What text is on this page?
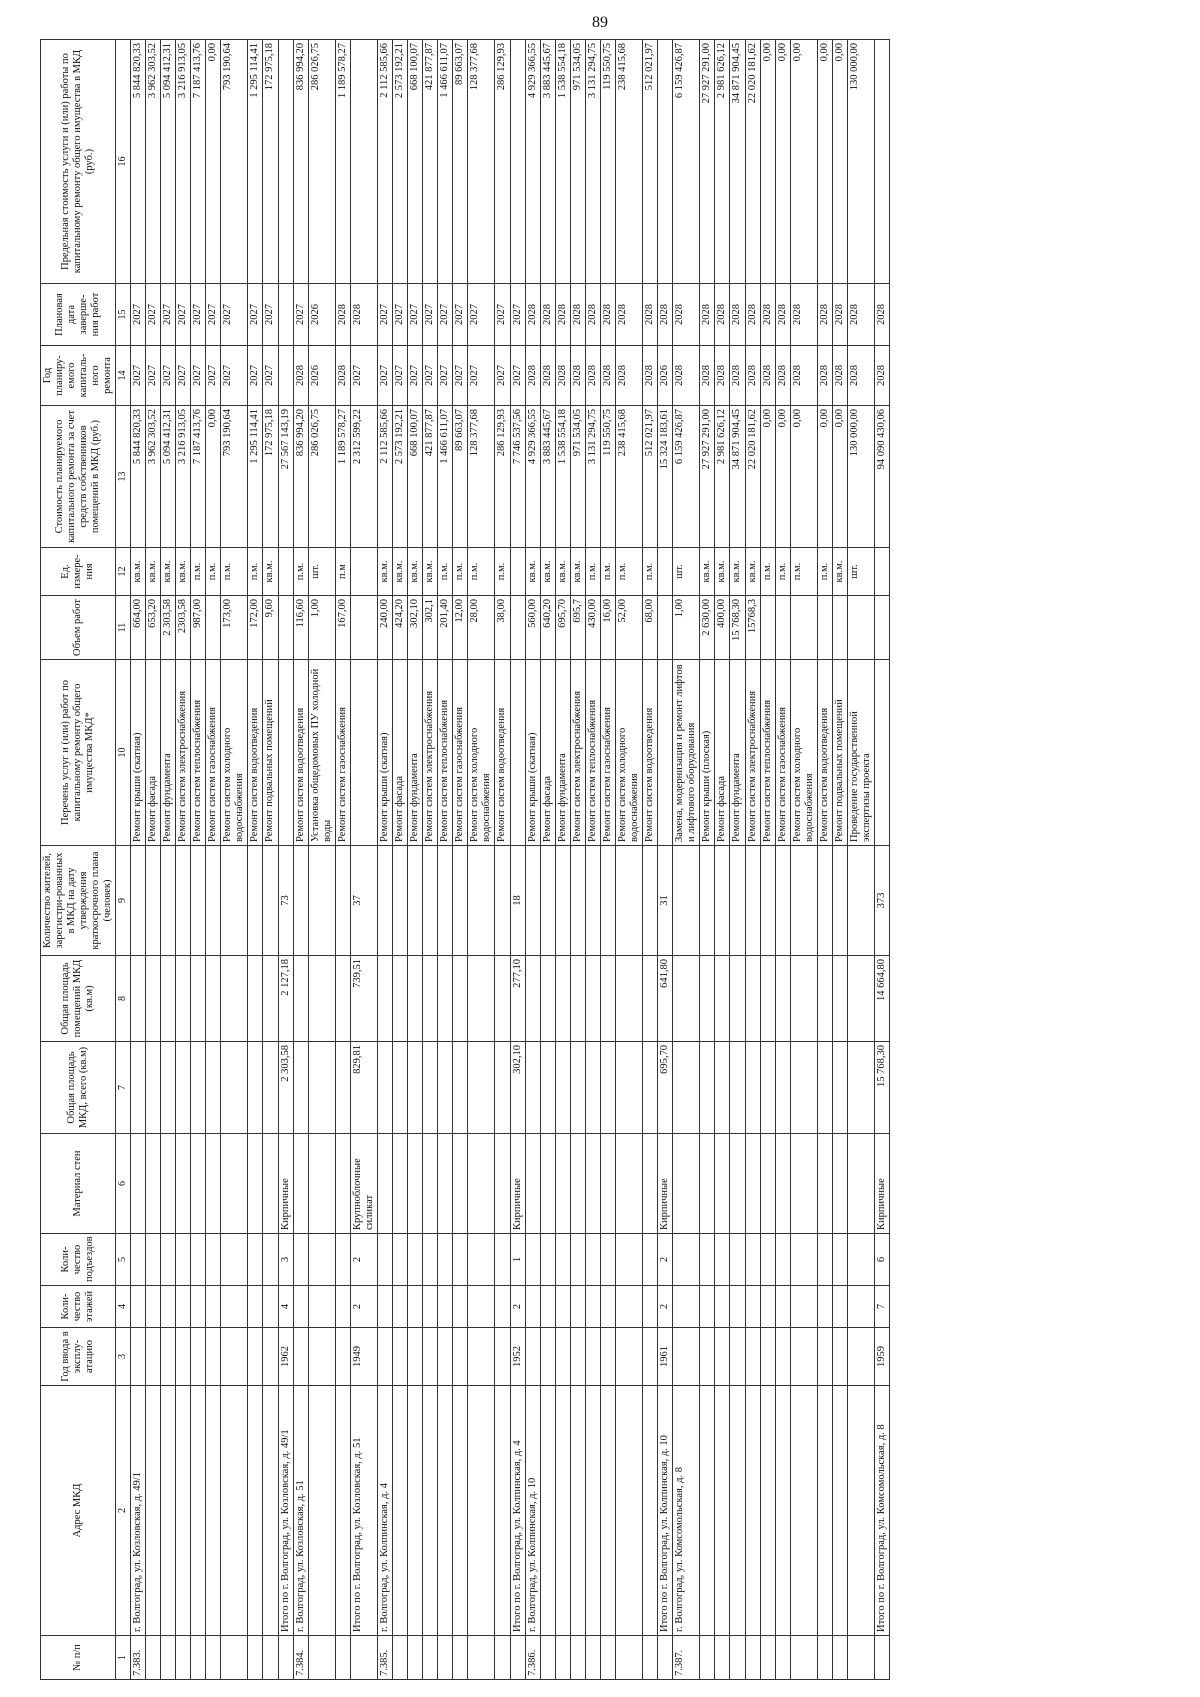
89
№ п/п	Адрес МКД	Год ввода в эксплу-атацию	Коли-чество этажей	Коли-чество подъездов	Материал стен	Общая площадь МКД, всего (кв.м)	Общая площадь помещений МКД (кв.м)	Количество жителей, зарегистри-рованных в МКД на дату утверждения краткосрочного плана (человек)	Перечень услуг и (или) работ по капитальному ремонту общего имущества МКД*	Объем работ	Ед. измере-ния	Стоимость планируемого капитального ремонта за счет средств собственников помещений в МКД (руб.)	Год планиру-емого капиталь-ного ремонта	Плановая дата заверше-ния работ	Предельная стоимость услуги и (или) работы по капитальному ремонту общего имущества в МКД (руб.)
1	2	3	4	5	6	7	8	9	10	11	12	13	14	15	16
7.383.	г. Волгоград, ул. Козловская, д. 49/1								Ремонт крыши (скатная)	664,00	кв.м.	5 844 820,33	2027	2027	5 844 820,33
									Ремонт фасада	653,20	кв.м.	3 962 303,52	2027	2027	3 962 303,52
									Ремонт фундамента	2 303,58	кв.м.	5 094 412,31	2027	2027	5 094 412,31
									Ремонт систем электроснабжения	2303,58	кв.м.	3 216 913,05	2027	2027	3 216 913,05
									Ремонт систем теплоснабжения	987,00	п.м.	7 187 413,76	2027	2027	7 187 413,76
									Ремонт систем газоснабжения		п.м.	0,00	2027	2027	0,00
									Ремонт систем холодного водоснабжения	173,00	п.м.	793 190,64	2027	2027	793 190,64
									Ремонт систем водоотведения	172,00	п.м.	1 295 114,41	2027	2027	1 295 114,41
									Ремонт подвальных помещений	9,60	кв.м.	172 975,18	2027	2027	172 975,18
	Итого по г. Волгоград, ул. Козловская, д. 49/1	1962	4	3	Кирпичные	2 303,58	2 127,18	73				27 567 143,19			
7.384.	г. Волгоград, ул. Козловская, д. 51								Ремонт систем водоотведения	116,60	п.м.	836 994,20	2028	2027	836 994,20
									Установка общедомовых ПУ холодной воды	1,00	шт.	286 026,75	2026	2026	286 026,75
									Ремонт систем газоснабжения	167,00	п.м	1 189 578,27	2028	2028	1 189 578,27
	Итого по г. Волгоград, ул. Козловская, д. 51	1949	2	2	Крупноблочные силикат	829,81	739,51	37				2 312 599,22	2027	2028	
7.385.	г. Волгоград, ул. Колпинская, д. 4								Ремонт крыши (скатная)	240,00	кв.м.	2 112 585,66	2027	2027	2 112 585,66
									Ремонт фасада	424,20	кв.м.	2 573 192,21	2027	2027	2 573 192,21
									Ремонт фундамента	302,10	кв.м.	668 100,07	2027	2027	668 100,07
									Ремонт систем электроснабжения	302,1	кв.м.	421 877,87	2027	2027	421 877,87
									Ремонт систем теплоснабжения	201,40	п.м.	1 466 611,07	2027	2027	1 466 611,07
									Ремонт систем газоснабжения	12,00	п.м.	89 663,07	2027	2027	89 663,07
									Ремонт систем холодного водоснабжения	28,00	п.м.	128 377,68	2027	2027	128 377,68
									Ремонт систем водоотведения	38,00	п.м.	286 129,93	2027	2027	286 129,93
	Итого по г. Волгоград, ул. Колпинская, д. 4	1952	2	1	Кирпичные	302,10	277,10	18				7 746 537,56	2027	2027	
7.386.	г. Волгоград, ул. Колпинская, д. 10								Ремонт крыши (скатная)	560,00	кв.м.	4 929 366,55	2028	2028	4 929 366,55
									Ремонт фасада	640,20	кв.м.	3 883 445,67	2028	2028	3 883 445,67
									Ремонт фундамента	695,70	кв.м.	1 538 554,18	2028	2028	1 538 554,18
									Ремонт систем электроснабжения	695,7	кв.м.	971 534,05	2028	2028	971 534,05
									Ремонт систем теплоснабжения	430,00	п.м.	3 131 294,75	2028	2028	3 131 294,75
									Ремонт систем газоснабжения	16,00	п.м.	119 550,75	2028	2028	119 550,75
									Ремонт систем холодного водоснабжения	52,00	п.м.	238 415,68	2028	2028	238 415,68
									Ремонт систем водоотведения	68,00	п.м.	512 021,97	2028	2028	512 021,97
	Итого по г. Волгоград, ул. Колпинская, д. 10	1961	2	2	Кирпичные	695,70	641,80	31				15 324 183,61	2026	2028	
7.387.	г. Волгоград, ул. Комсомольская, д. 8								Замена, модернизация и ремонт лифтов и лифтового оборудования	1,00	шт.	6 159 426,87	2028	2028	6 159 426,87
									Ремонт крыши (плоская)	2 630,00	кв.м.	27 927 291,00	2028	2028	27 927 291,00
									Ремонт фасада	400,00	кв.м.	2 981 626,12	2028	2028	2 981 626,12
									Ремонт фундамента	15 768,30	кв.м.	34 871 904,45	2028	2028	34 871 904,45
									Ремонт систем электроснабжения	15768,3	кв.м.	22 020 181,62	2028	2028	22 020 181,62
									Ремонт систем теплоснабжения		п.м.	0,00	2028	2028	0,00
									Ремонт систем газоснабжения		п.м.	0,00	2028	2028	0,00
									Ремонт систем холодного водоснабжения		п.м.	0,00	2028	2028	0,00
									Ремонт систем водоотведения		п.м.	0,00	2028	2028	0,00
									Ремонт подвальных помещений		кв.м.	0,00	2028	2028	0,00
									Проведение государственной экспертизы проекта		шт.	130 000,00	2028	2028	130 000,00
	Итого по г. Волгоград, ул. Комсомольская, д. 8	1959	7	6	Кирпичные	15 768,30	14 664,80	373				94 090 430,06	2028	2028	
